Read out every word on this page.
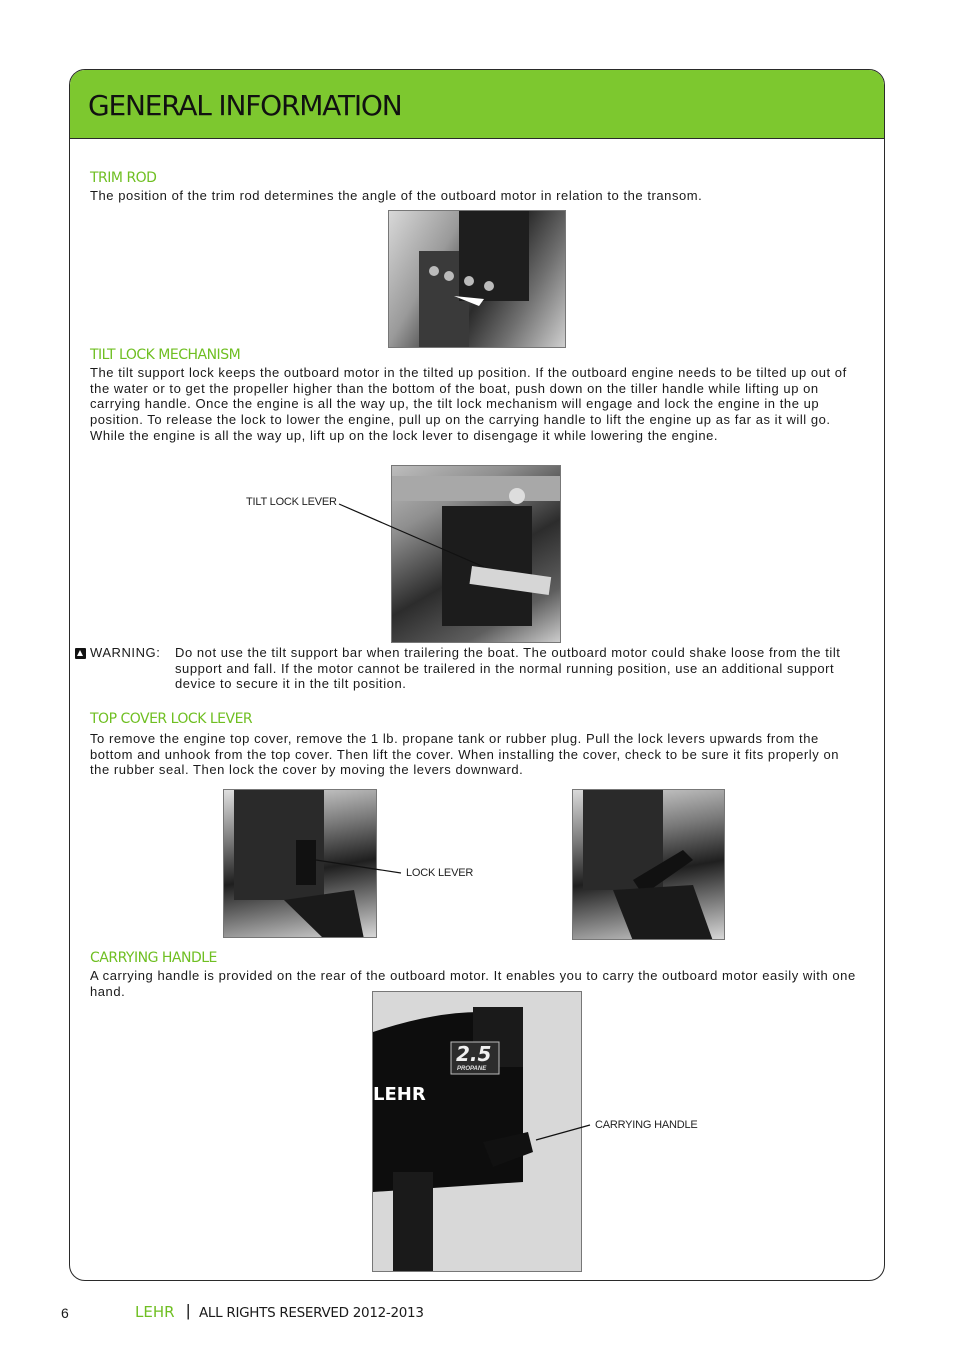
GENERAL INFORMATION
TRIM ROD
The position of the trim rod determines the angle of the outboard motor in relation to the transom.
TILT LOCK MECHANISM
The tilt support lock keeps the outboard motor in the tilted up position. If the outboard engine needs to be tilted up out of the water or to get the propeller higher than the bottom of the boat, push down on the tiller handle while lifting up on carrying handle. Once the engine is all the way up, the tilt lock mechanism will engage and lock the engine in the up position. To release the lock to lower the engine, pull up on the carrying handle to lift the engine up as far as it will go. While the engine is all the way up, lift up on the lock lever to disengage it while lowering the engine.
TILT LOCK LEVER
WARNING: Do not use the tilt support bar when trailering the boat. The outboard motor could shake loose from the tilt support and fall. If the motor cannot be trailered in the normal running position, use an additional support device to secure it in the tilt position.
TOP COVER LOCK LEVER
To remove the engine top cover, remove the 1 lb. propane tank or rubber plug. Pull the lock levers upwards from the bottom and unhook from the top cover. Then lift the cover. When installing the cover, check to be sure it fits properly on the rubber seal. Then lock the cover by moving the levers downward.
LOCK LEVER
CARRYING HANDLE
A carrying handle is provided on the rear of the outboard motor. It enables you to carry the outboard motor easily with one hand.
2.5
PROPANE
LEHR
CARRYING HANDLE
6	LEHR | ALL RIGHTS RESERVED 2012-2013
